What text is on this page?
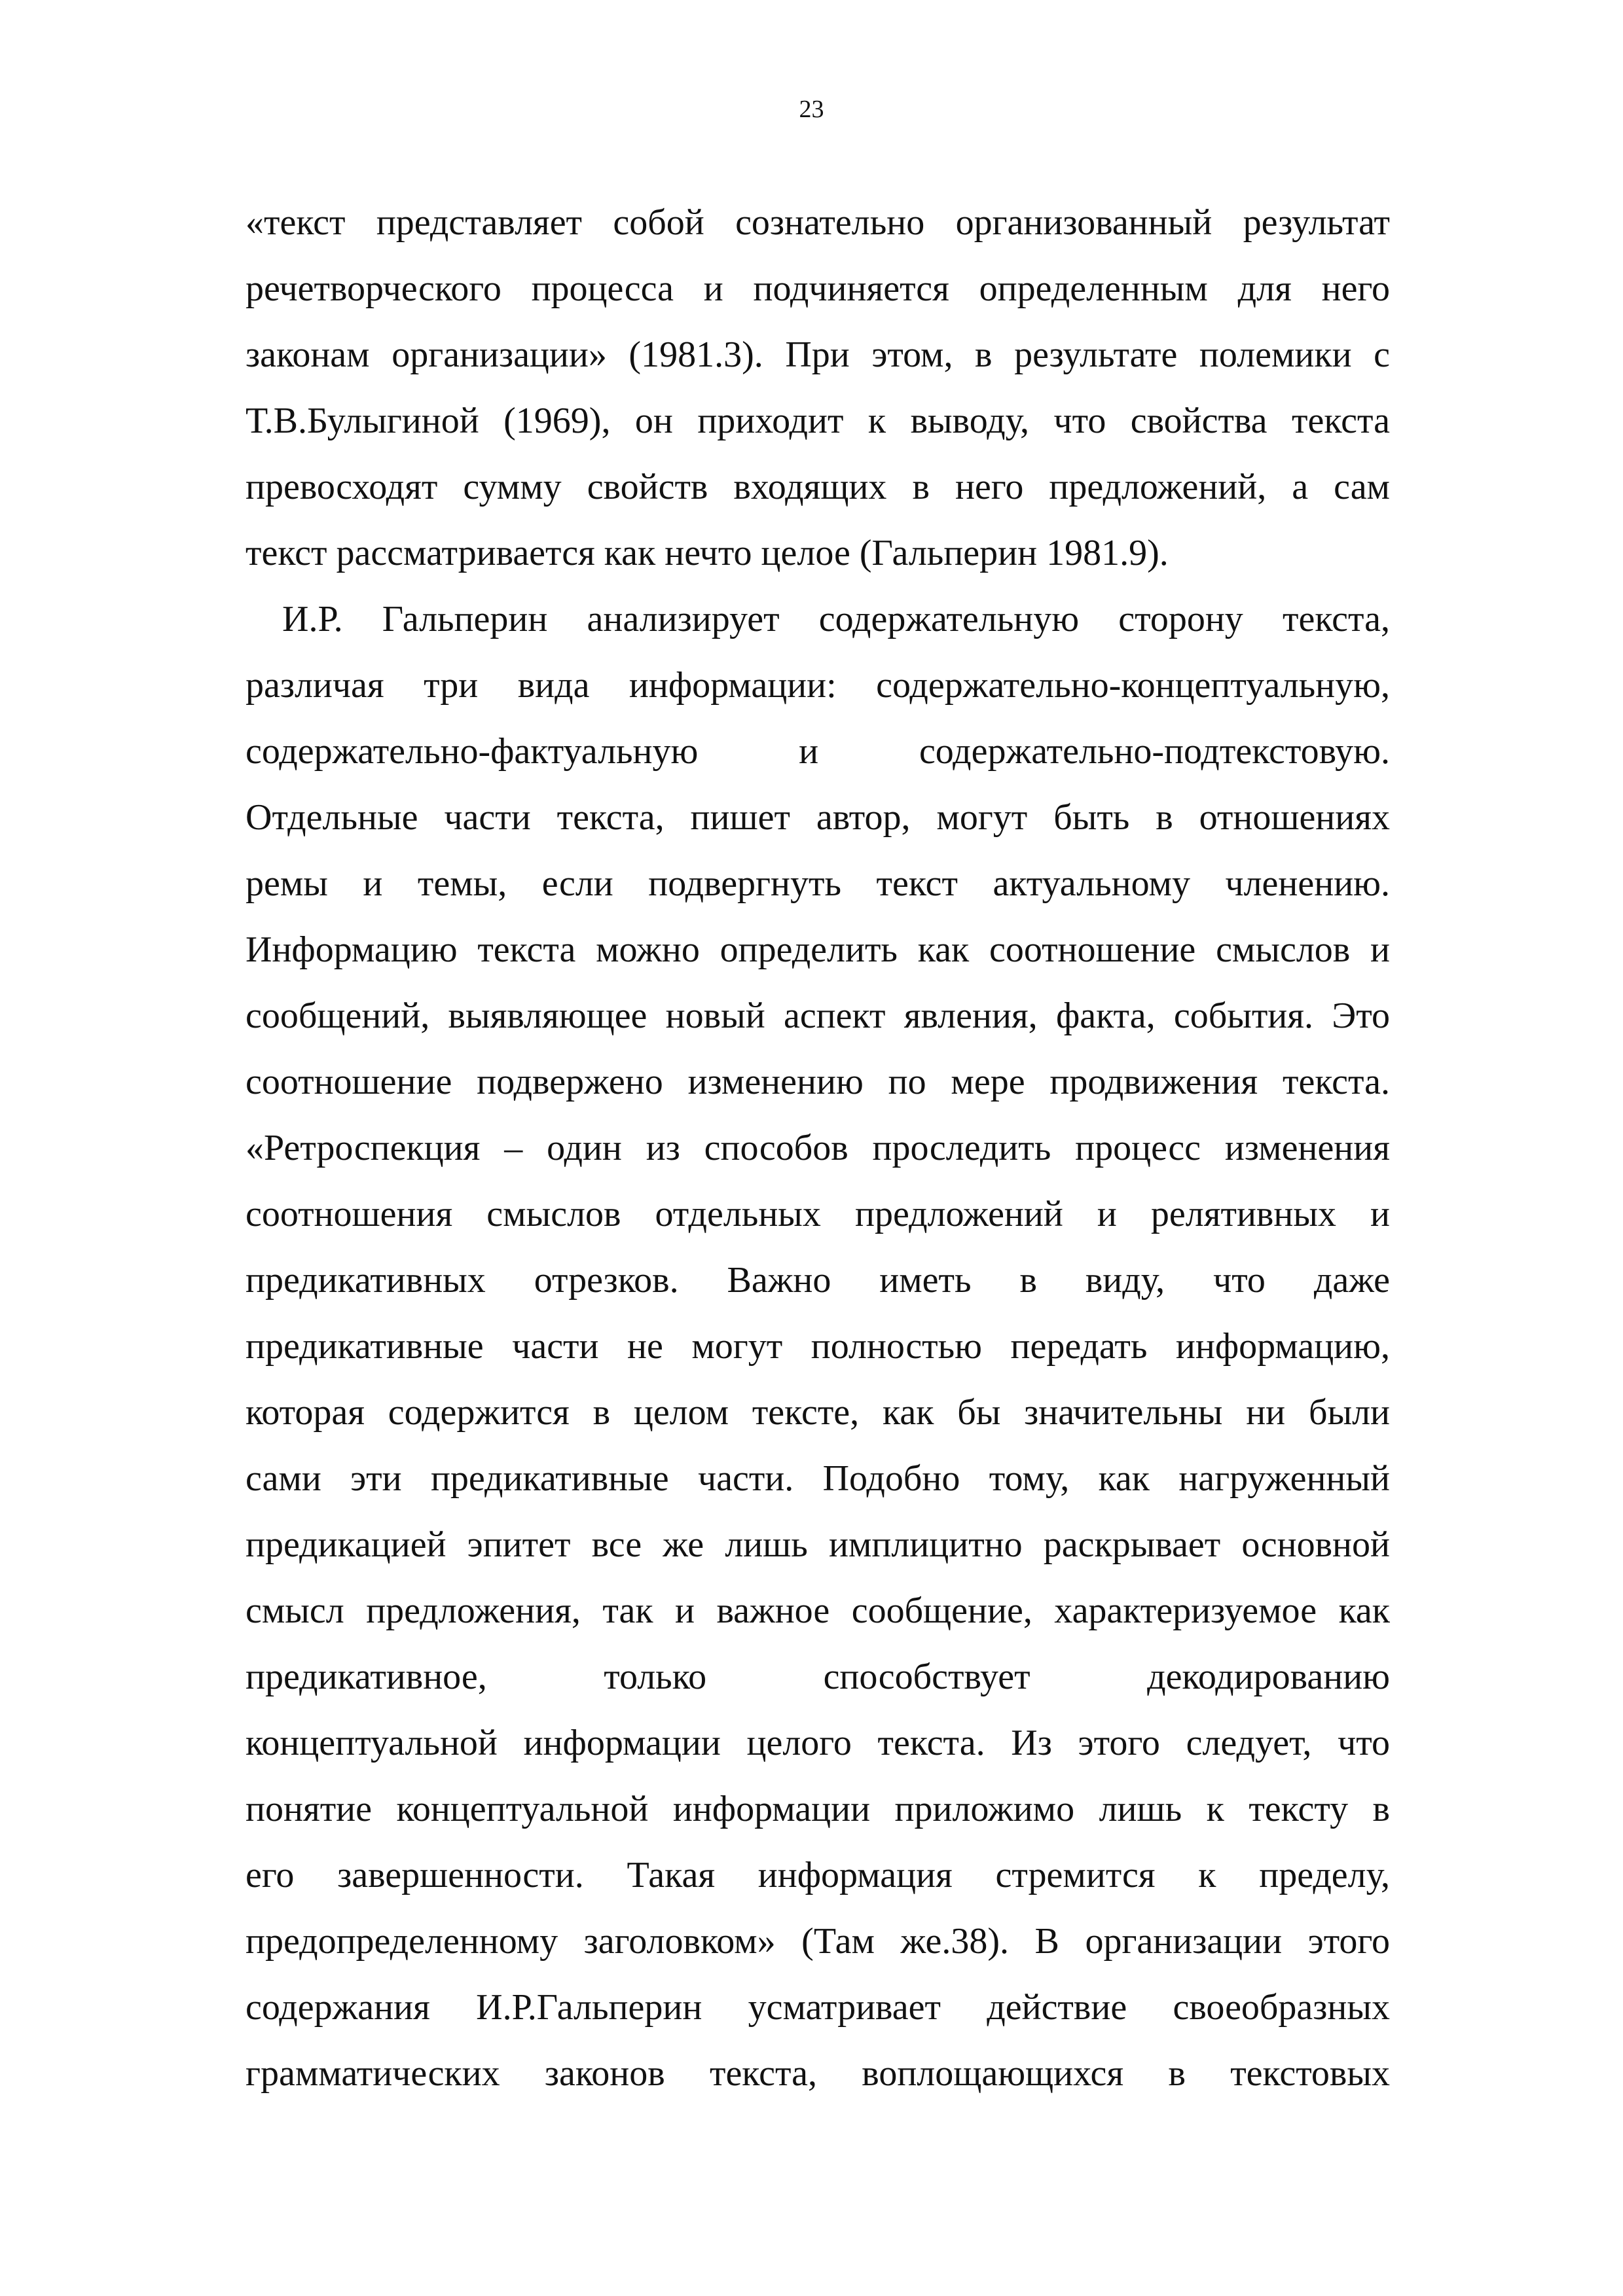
23
«текст представляет собой сознательно организованный результат
речетворческого процесса и подчиняется определенным для него
законам организации» (1981.3). При этом, в результате полемики с
Т.В.Булыгиной (1969), он приходит к выводу, что свойства текста
превосходят сумму свойств входящих в него предложений, а сам
текст рассматривается как нечто целое (Гальперин 1981.9).
И.Р. Гальперин анализирует содержательную сторону текста,
различая три вида информации: содержательно-концептуальную,
содержательно-фактуальную и содержательно-подтекстовую.
Отдельные части текста, пишет автор, могут быть в отношениях
ремы и темы, если подвергнуть текст актуальному членению.
Информацию текста можно определить как соотношение смыслов и
сообщений, выявляющее новый аспект явления, факта, события. Это
соотношение подвержено изменению по мере продвижения текста.
«Ретроспекция – один из способов проследить процесс изменения
соотношения смыслов отдельных предложений и релятивных и
предикативных отрезков. Важно иметь в виду, что даже
предикативные части не могут полностью передать информацию,
которая содержится в целом тексте, как бы значительны ни были
сами эти предикативные части. Подобно тому, как нагруженный
предикацией эпитет все же лишь имплицитно раскрывает основной
смысл предложения, так и важное сообщение, характеризуемое как
предикативное, только способствует декодированию
концептуальной информации целого текста. Из этого следует, что
понятие концептуальной информации приложимо лишь к тексту в
его завершенности. Такая информация стремится к пределу,
предопределенному заголовком» (Там же.38). В организации этого
содержания И.Р.Гальперин усматривает действие своеобразных
грамматических законов текста, воплощающихся в текстовых
